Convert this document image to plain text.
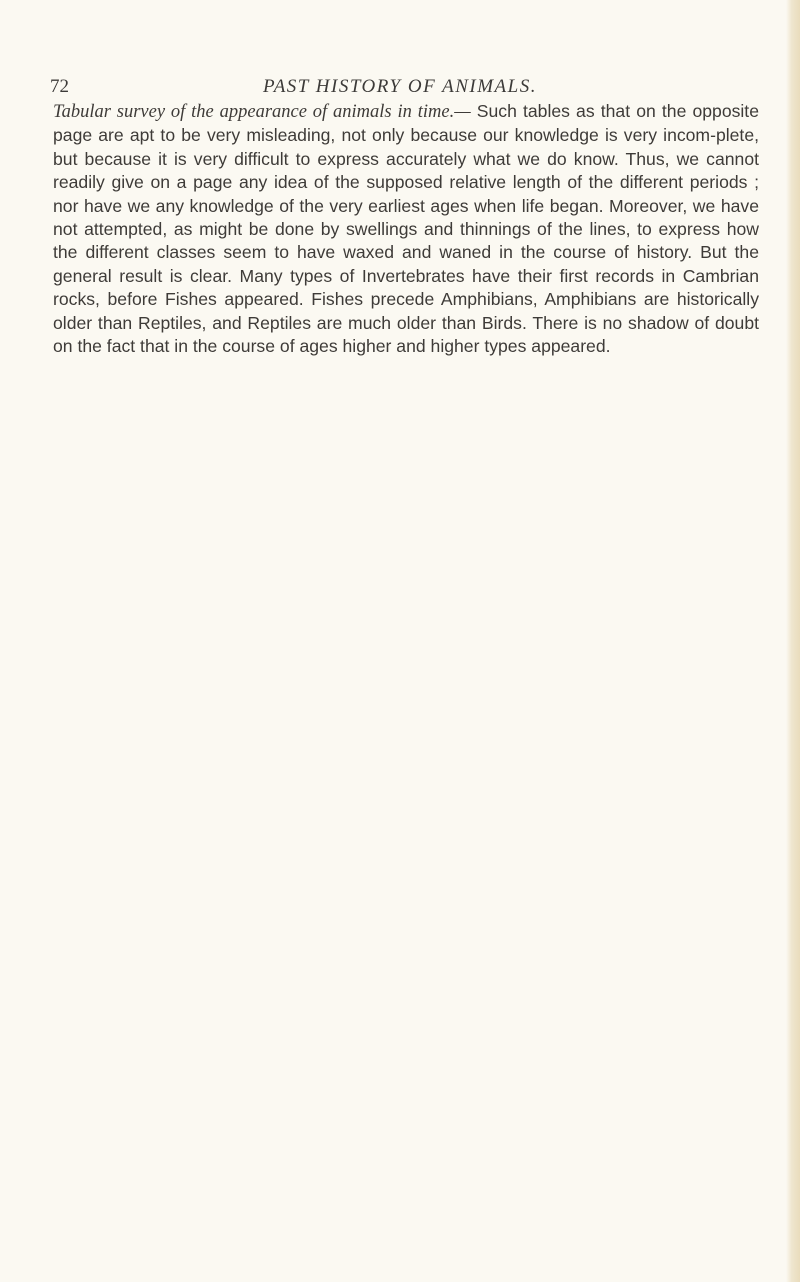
72	PAST HISTORY OF ANIMALS.

Tabular survey of the appearance of animals in time.— Such tables as that on the opposite page are apt to be very misleading, not only because our knowledge is very incom-plete, but because it is very difficult to express accurately what we do know. Thus, we cannot readily give on a page any idea of the supposed relative length of the different periods ; nor have we any knowledge of the very earliest ages when life began. Moreover, we have not attempted, as might be done by swellings and thinnings of the lines, to express how the different classes seem to have waxed and waned in the course of history. But the general result is clear. Many types of Invertebrates have their first records in Cambrian rocks, before Fishes appeared. Fishes precede Amphibians, Amphibians are historically older than Reptiles, and Reptiles are much older than Birds. There is no shadow of doubt on the fact that in the course of ages higher and higher types appeared.
